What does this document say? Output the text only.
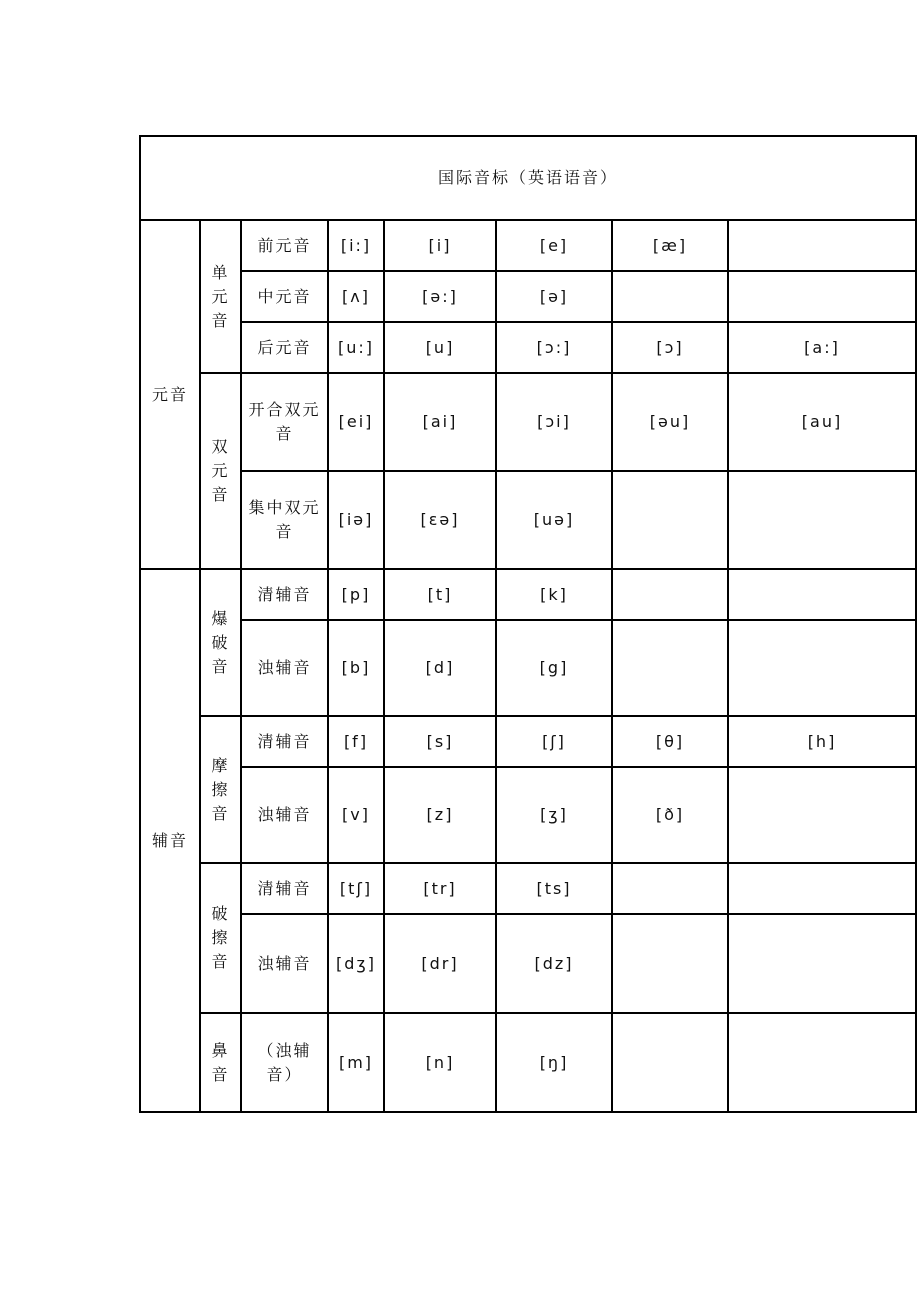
国际音标（英语语音）							
元音	单元音	前元音	[i:]	[i]	[e]	[æ]	
		中元音	[ʌ]	[ə:]	[ə]		
		后元音	[u:]	[u]	[ɔ:]	[ɔ]	[a:]
	双元音	开合双元音	[ei]	[ai]	[ɔi]	[əu]	[au]
		集中双元音	[iə]	[ɛə]	[uə]		
辅音	爆破音	清辅音	[p]	[t]	[k]		
		浊辅音	[b]	[d]	[g]		
	摩擦音	清辅音	[f]	[s]	[ʃ]	[θ]	[h]
		浊辅音	[v]	[z]	[ʒ]	[ð]	
	破擦音	清辅音	[tʃ]	[tr]	[ts]		
		浊辅音	[dʒ]	[dr]	[dz]		
	鼻音	（浊辅音）	[m]	[n]	[ŋ]		
